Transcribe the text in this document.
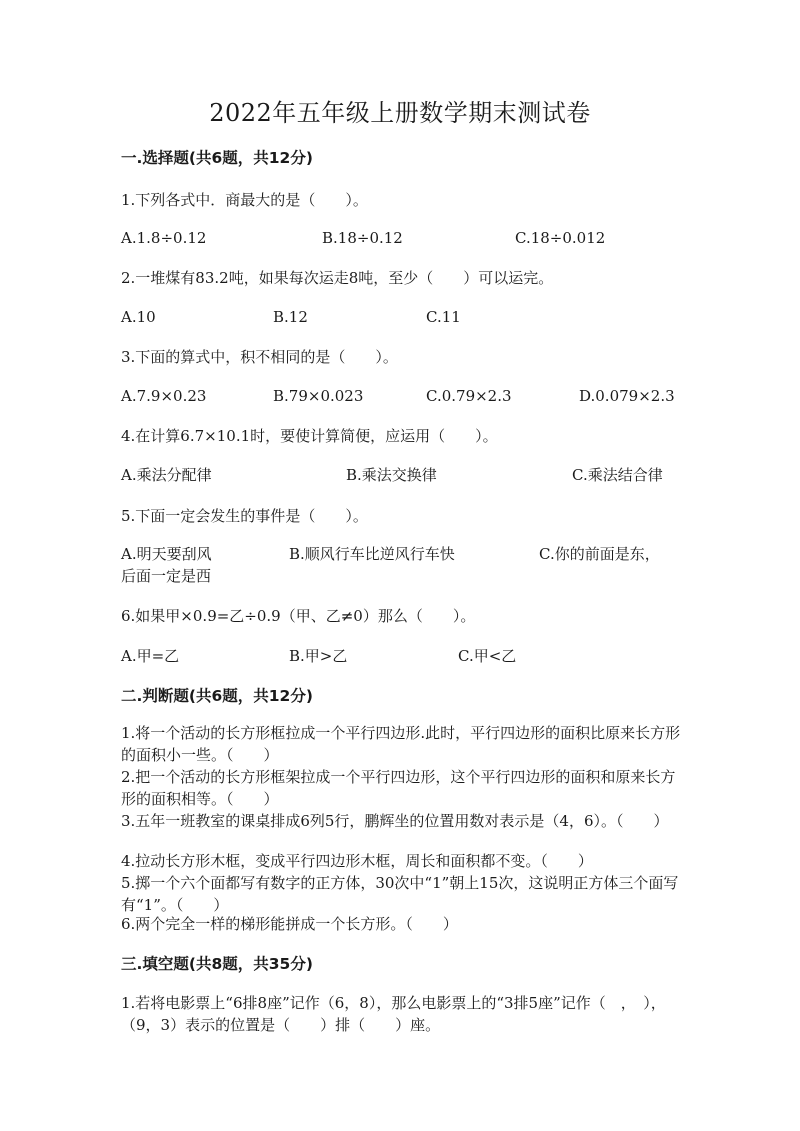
2022年五年级上册数学期末测试卷
一.选择题(共6题，共12分)
1.下列各式中．商最大的是（　　）。
A.1.8÷0.12	B.18÷0.12	C.18÷0.012
2.一堆煤有83.2吨，如果每次运走8吨，至少（　　）可以运完。
A.10	B.12	C.11
3.下面的算式中，积不相同的是（　　）。
A.7.9×0.23	B.79×0.023	C.0.79×2.3	D.0.079×2.3
4.在计算6.7×10.1时，要使计算简便，应运用（　　）。
A.乘法分配律	B.乘法交换律	C.乘法结合律
5.下面一定会发生的事件是（　　）。
A.明天要刮风	B.顺风行车比逆风行车快	C.你的前面是东，
后面一定是西
6.如果甲×0.9=乙÷0.9（甲、乙≠0）那么（　　）。
A.甲=乙	B.甲>乙	C.甲<乙
二.判断题(共6题，共12分)
1.将一个活动的长方形框拉成一个平行四边形.此时，平行四边形的面积比原来长方形的面积小一些。（　　）
2.把一个活动的长方形框架拉成一个平行四边形，这个平行四边形的面积和原来长方形的面积相等。（　　）
3.五年一班教室的课桌排成6列5行，鹏辉坐的位置用数对表示是（4，6）。（　　）
4.拉动长方形木框，变成平行四边形木框，周长和面积都不变。（　　）
5.掷一个六个面都写有数字的正方体，30次中“1”朝上15次，这说明正方体三个面写有“1”。（　　）
6.两个完全一样的梯形能拼成一个长方形。（　　）
三.填空题(共8题，共35分)
1.若将电影票上“6排8座”记作（6，8），那么电影票上的“3排5座”记作（　，　），（9，3）表示的位置是（　　）排（　　）座。
